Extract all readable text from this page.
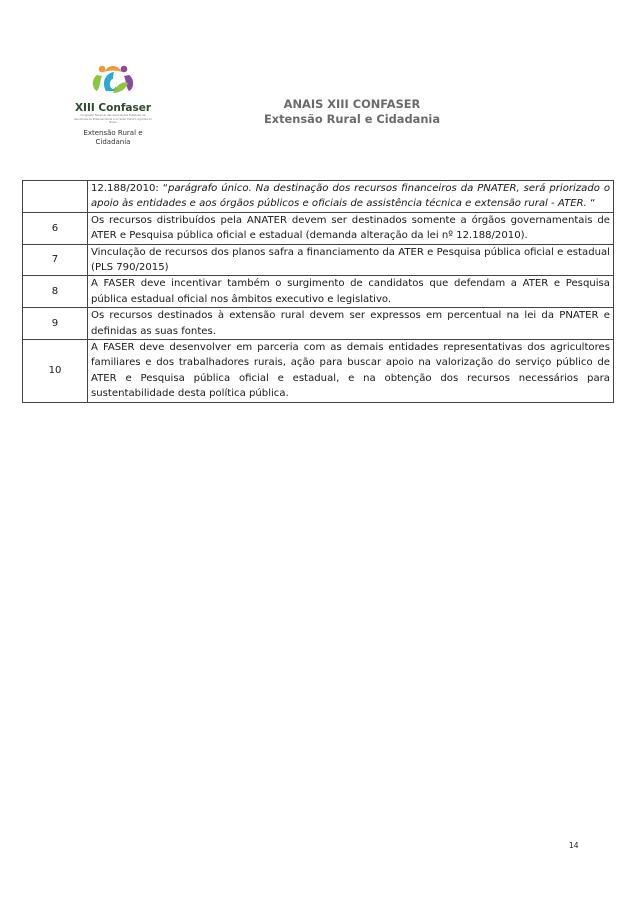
XIII Confaser
Congresso Nacional das Associações Estaduais de
Servidores da Extensão Rural e do Setor Público Agrícola do Brasil
Extensão Rural e
Cidadania
ANAIS XIII CONFASER
Extensão Rural e Cidadania
	12.188/2010: “parágrafo único. Na destinação dos recursos financeiros da PNATER, será priorizado o apoio às entidades e aos órgãos públicos e oficiais de assistência técnica e extensão rural - ATER. “
6	Os recursos distribuídos pela ANATER devem ser destinados somente a órgãos governamentais de ATER e Pesquisa pública oficial e estadual (demanda alteração da lei nº 12.188/2010).
7	Vinculação de recursos dos planos safra a financiamento da ATER e Pesquisa pública oficial e estadual (PLS 790/2015)
8	A FASER deve incentivar também o surgimento de candidatos que defendam a ATER e Pesquisa pública estadual oficial nos âmbitos executivo e legislativo.
9	Os recursos destinados à extensão rural devem ser expressos em percentual na lei da PNATER e definidas as suas fontes.
10	A FASER deve desenvolver em parceria com as demais entidades representativas dos agricultores familiares e dos trabalhadores rurais, ação para buscar apoio na valorização do serviço público de ATER e Pesquisa pública oficial e estadual, e na obtenção dos recursos necessários para sustentabilidade desta política pública.
14
